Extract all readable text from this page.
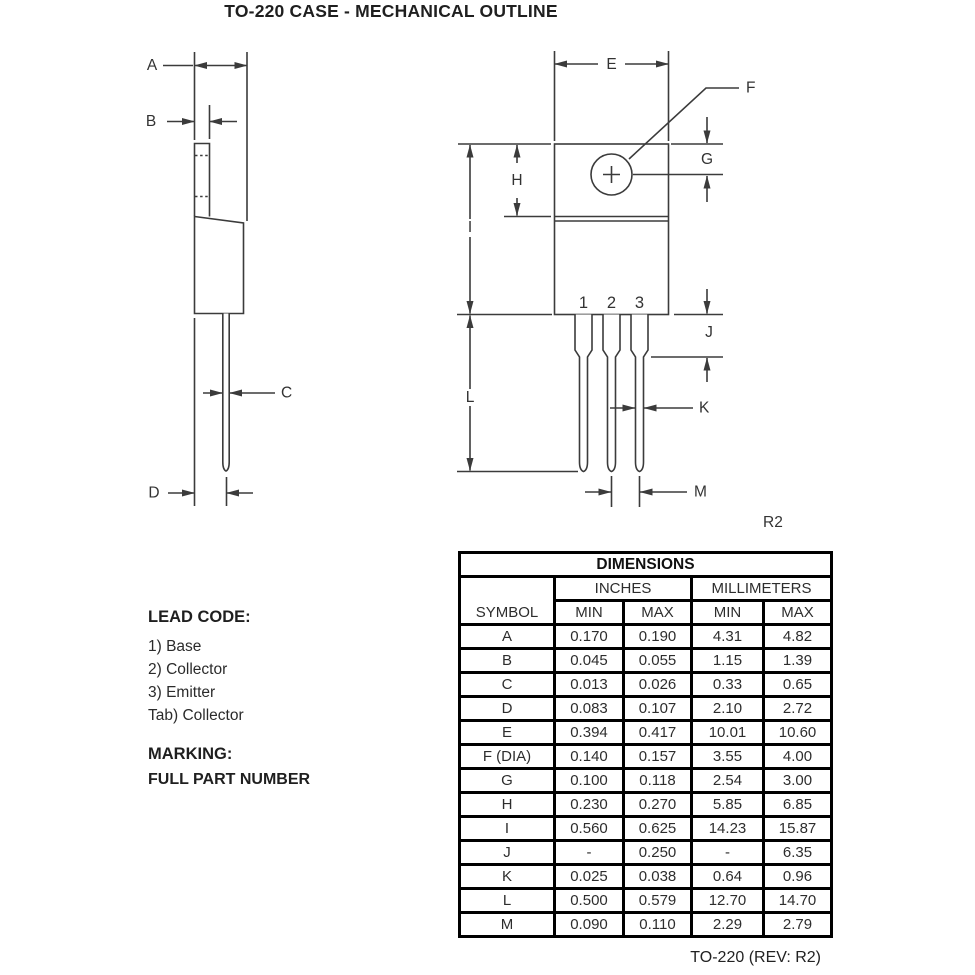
TO-220 CASE - MECHANICAL OUTLINE
A
B
C
D
E
F
G
H
I
J
K
L
M
1 2 3
R2
LEAD CODE:
1) Base
2) Collector
3) Emitter
Tab) Collector
MARKING:
FULL PART NUMBER
DIMENSIONS				
SYMBOL	INCHES		MILLIMETERS	
	MIN	MAX	MIN	MAX
A	0.170	0.190	4.31	4.82
B	0.045	0.055	1.15	1.39
C	0.013	0.026	0.33	0.65
D	0.083	0.107	2.10	2.72
E	0.394	0.417	10.01	10.60
F (DIA)	0.140	0.157	3.55	4.00
G	0.100	0.118	2.54	3.00
H	0.230	0.270	5.85	6.85
I	0.560	0.625	14.23	15.87
J	-	0.250	-	6.35
K	0.025	0.038	0.64	0.96
L	0.500	0.579	12.70	14.70
M	0.090	0.110	2.29	2.79
TO-220 (REV: R2)
